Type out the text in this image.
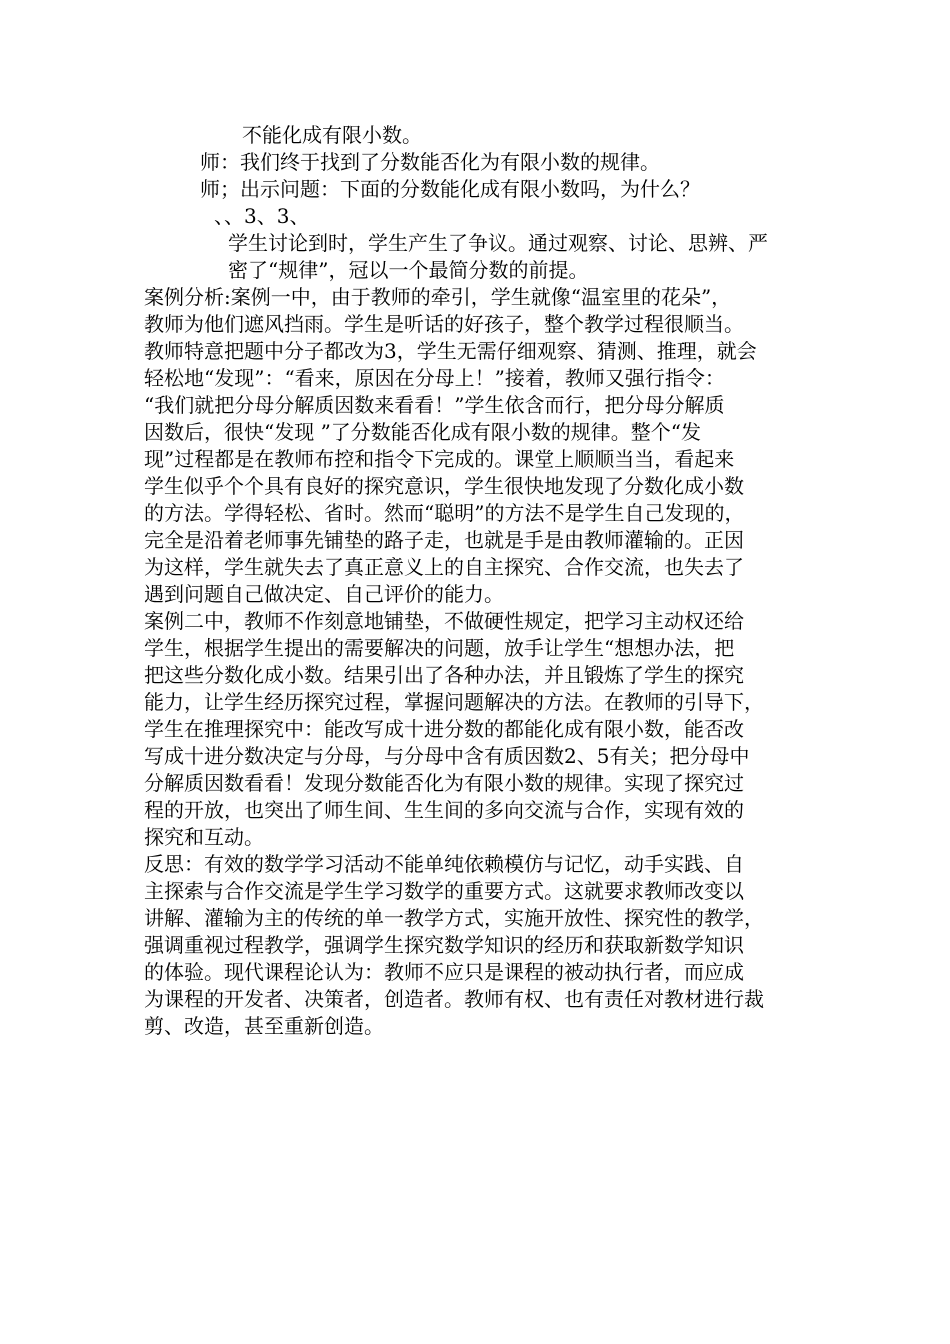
不能化成有限小数。
师：我们终于找到了分数能否化为有限小数的规律。
师；出示问题：下面的分数能化成有限小数吗，为什么？
、、3、3、
学生讨论到时，学生产生了争议。通过观察、讨论、思辨、严
密了“规律”，冠以一个最简分数的前提。
案例分析:案例一中，由于教师的牵引，学生就像“温室里的花朵”，
教师为他们遮风挡雨。学生是听话的好孩子，整个教学过程很顺当。
教师特意把题中分子都改为3，学生无需仔细观察、猜测、推理，就会
轻松地“发现”：“看来，原因在分母上！”接着，教师又强行指令：
“我们就把分母分解质因数来看看！”学生依含而行，把分母分解质
因数后，很快“发现 ”了分数能否化成有限小数的规律。整个“发
现”过程都是在教师布控和指令下完成的。课堂上顺顺当当，看起来
学生似乎个个具有良好的探究意识，学生很快地发现了分数化成小数
的方法。学得轻松、省时。然而“聪明”的方法不是学生自己发现的，
完全是沿着老师事先铺垫的路子走，也就是手是由教师灌输的。正因
为这样，学生就失去了真正意义上的自主探究、合作交流，也失去了
遇到问题自己做决定、自己评价的能力。
案例二中，教师不作刻意地铺垫，不做硬性规定，把学习主动权还给
学生，根据学生提出的需要解决的问题，放手让学生“想想办法，把
把这些分数化成小数。结果引出了各种办法，并且锻炼了学生的探究
能力，让学生经历探究过程，掌握问题解决的方法。在教师的引导下，
学生在推理探究中：能改写成十进分数的都能化成有限小数，能否改
写成十进分数决定与分母，与分母中含有质因数2、5有关；把分母中
分解质因数看看！发现分数能否化为有限小数的规律。实现了探究过
程的开放，也突出了师生间、生生间的多向交流与合作，实现有效的
探究和互动。
反思：有效的数学学习活动不能单纯依赖模仿与记忆，动手实践、自
主探索与合作交流是学生学习数学的重要方式。这就要求教师改变以
讲解、灌输为主的传统的单一教学方式，实施开放性、探究性的教学，
强调重视过程教学，强调学生探究数学知识的经历和获取新数学知识
的体验。现代课程论认为：教师不应只是课程的被动执行者，而应成
为课程的开发者、决策者，创造者。教师有权、也有责任对教材进行裁
剪、改造，甚至重新创造。
